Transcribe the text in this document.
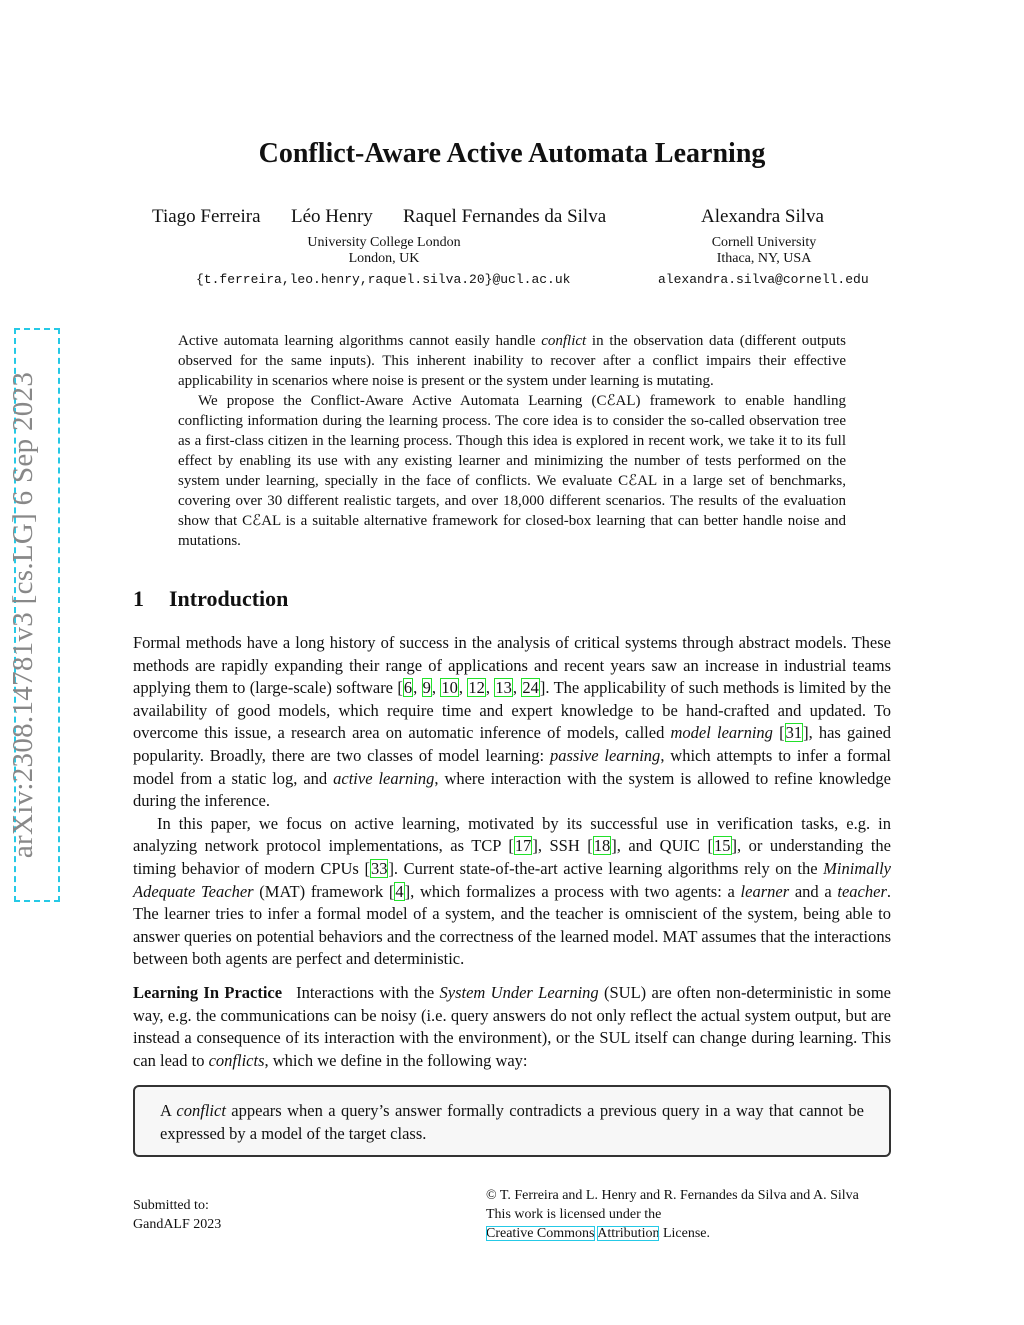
arXiv:2308.14781v3 [cs.LG] 6 Sep 2023
Conflict-Aware Active Automata Learning
Tiago Ferreira Léo Henry Raquel Fernandes da Silva	Alexandra Silva
University College London
London, UK
Cornell University
Ithaca, NY, USA
{t.ferreira,leo.henry,raquel.silva.20}@ucl.ac.uk	alexandra.silva@cornell.edu

Active automata learning algorithms cannot easily handle conflict in the observation data (different outputs observed for the same inputs). This inherent inability to recover after a conflict impairs their effective applicability in scenarios where noise is present or the system under learning is mutating.

We propose the Conflict-Aware Active Automata Learning (CℰAL) framework to enable handling conflicting information during the learning process. The core idea is to consider the so-called observation tree as a first-class citizen in the learning process. Though this idea is explored in recent work, we take it to its full effect by enabling its use with any existing learner and minimizing the number of tests performed on the system under learning, specially in the face of conflicts. We evaluate CℰAL in a large set of benchmarks, covering over 30 different realistic targets, and over 18,000 different scenarios. The results of the evaluation show that CℰAL is a suitable alternative framework for closed-box learning that can better handle noise and mutations.

1 Introduction

Formal methods have a long history of success in the analysis of critical systems through abstract models. These methods are rapidly expanding their range of applications and recent years saw an increase in industrial teams applying them to (large-scale) software [6, 9, 10, 12, 13, 24]. The applicability of such methods is limited by the availability of good models, which require time and expert knowledge to be hand-crafted and updated. To overcome this issue, a research area on automatic inference of models, called model learning [31], has gained popularity. Broadly, there are two classes of model learning: passive learning, which attempts to infer a formal model from a static log, and active learning, where interaction with the system is allowed to refine knowledge during the inference.

In this paper, we focus on active learning, motivated by its successful use in verification tasks, e.g. in analyzing network protocol implementations, as TCP [17], SSH [18], and QUIC [15], or understanding the timing behavior of modern CPUs [33]. Current state-of-the-art active learning algorithms rely on the Minimally Adequate Teacher (MAT) framework [4], which formalizes a process with two agents: a learner and a teacher. The learner tries to infer a formal model of a system, and the teacher is omniscient of the system, being able to answer queries on potential behaviors and the correctness of the learned model. MAT assumes that the interactions between both agents are perfect and deterministic.

Learning In Practice Interactions with the System Under Learning (SUL) are often non-deterministic in some way, e.g. the communications can be noisy (i.e. query answers do not only reflect the actual system output, but are instead a consequence of its interaction with the environment), or the SUL itself can change during learning. This can lead to conflicts, which we define in the following way:

A conflict appears when a query’s answer formally contradicts a previous query in a way that cannot be expressed by a model of the target class.
Submitted to:
GandALF 2023
© T. Ferreira and L. Henry and R. Fernandes da Silva and A. Silva
This work is licensed under the
Creative Commons Attribution License.
